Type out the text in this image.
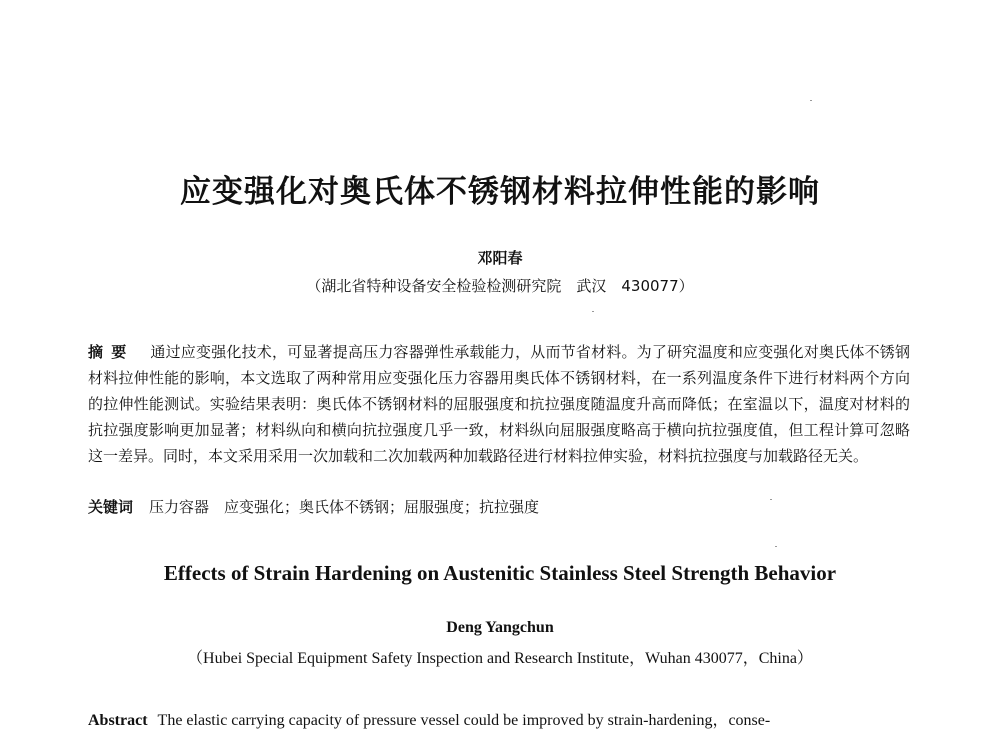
应变强化对奥氏体不锈钢材料拉伸性能的影响
邓阳春
（湖北省特种设备安全检验检测研究院　武汉　430077）
摘要 通过应变强化技术，可显著提高压力容器弹性承载能力，从而节省材料。为了研究温度和应变强化对奥氏体不锈钢材料拉伸性能的影响，本文选取了两种常用应变强化压力容器用奥氏体不锈钢材料，在一系列温度条件下进行材料两个方向的拉伸性能测试。实验结果表明：奥氏体不锈钢材料的屈服强度和抗拉强度随温度升高而降低；在室温以下，温度对材料的抗拉强度影响更加显著；材料纵向和横向抗拉强度几乎一致，材料纵向屈服强度略高于横向抗拉强度值，但工程计算可忽略这一差异。同时，本文采用采用一次加载和二次加载两种加载路径进行材料拉伸实验，材料抗拉强度与加载路径无关。
关键词 压力容器　应变强化；奥氏体不锈钢；屈服强度；抗拉强度
Effects of Strain Hardening on Austenitic Stainless Steel Strength Behavior
Deng Yangchun
（Hubei Special Equipment Safety Inspection and Research Institute，Wuhan 430077，China）
Abstract The elastic carrying capacity of pressure vessel could be improved by strain-hardening，conse-
